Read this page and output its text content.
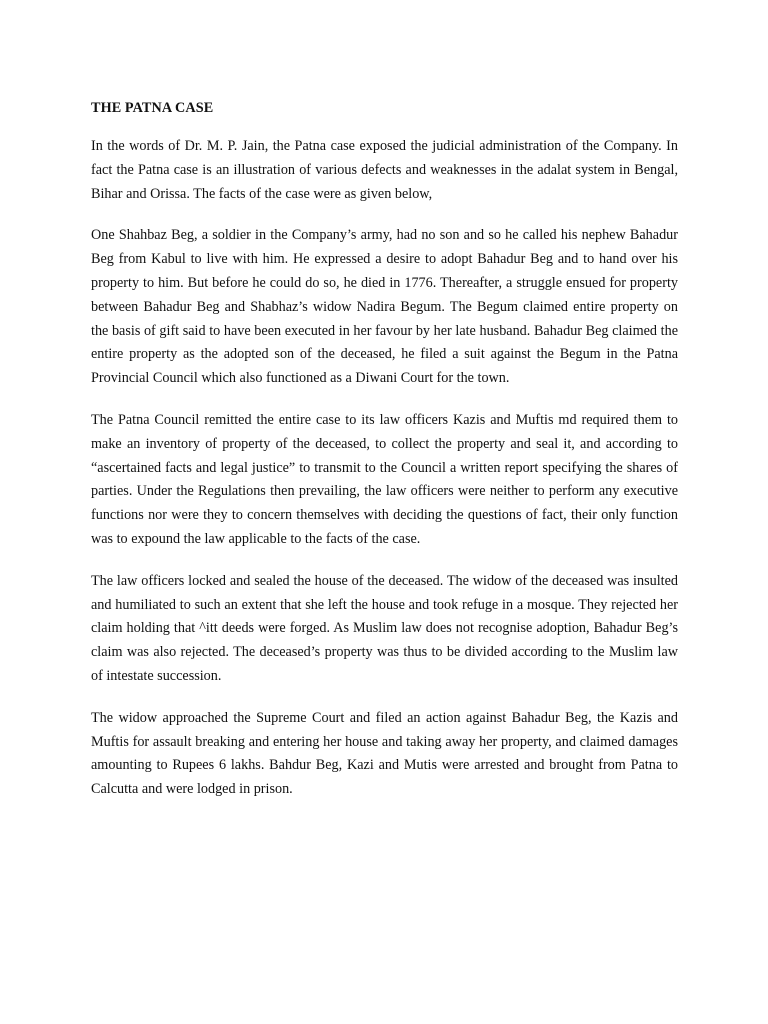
THE PATNA CASE

In the words of Dr. M. P. Jain, the Patna case exposed the judicial administration of the Company. In fact the Patna case is an illustration of various defects and weaknesses in the adalat system in Bengal, Bihar and Orissa. The facts of the case were as given below,

One Shahbaz Beg, a soldier in the Company’s army, had no son and so he called his nephew Bahadur Beg from Kabul to live with him. He expressed a desire to adopt Bahadur Beg and to hand over his property to him. But before he could do so, he died in 1776. Thereafter, a struggle ensued for property between Bahadur Beg and Shabhaz’s widow Nadira Begum. The Begum claimed entire property on the basis of gift said to have been executed in her favour by her late husband. Bahadur Beg claimed the entire property as the adopted son of the deceased, he filed a suit against the Begum in the Patna Provincial Council which also functioned as a Diwani Court for the town.

The Patna Council remitted the entire case to its law officers Kazis and Muftis md required them to make an inventory of property of the deceased, to collect the property and seal it, and according to “ascertained facts and legal justice” to transmit to the Council a written report specifying the shares of parties. Under the Regulations then prevailing, the law officers were neither to perform any executive functions nor were they to concern themselves with deciding the questions of fact, their only function was to expound the law applicable to the facts of the case.

The law officers locked and sealed the house of the deceased. The widow of the deceased was insulted and humiliated to such an extent that she left the house and took refuge in a mosque. They rejected her claim holding that ^itt deeds were forged. As Muslim law does not recognise adoption, Bahadur Beg’s claim was also rejected. The deceased’s property was thus to be divided according to the Muslim law of intestate succession.

The widow approached the Supreme Court and filed an action against Bahadur Beg, the Kazis and Muftis for assault breaking and entering her house and taking away her property, and claimed damages amounting to Rupees 6 lakhs. Bahdur Beg, Kazi and Mutis were arrested and brought from Patna to Calcutta and were lodged in prison.
